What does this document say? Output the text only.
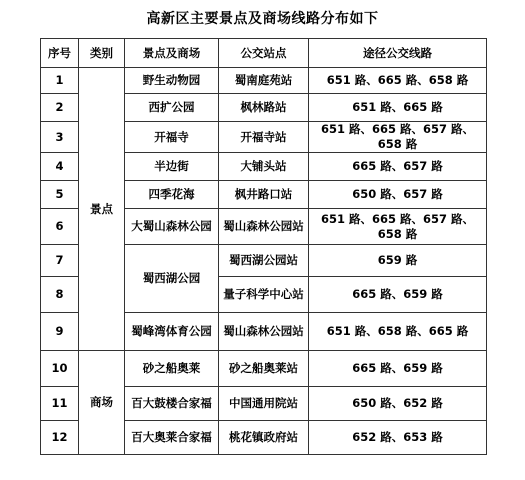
高新区主要景点及商场线路分布如下
序号	类别	景点及商场	公交站点	途径公交线路
1	景点	野生动物园	蜀南庭苑站	651 路、665 路、658 路
2		西扩公园	枫林路站	651 路、665 路
3		开福寺	开福寺站	651 路、665 路、657 路、658 路
4		半边街	大铺头站	665 路、657 路
5		四季花海	枫井路口站	650 路、657 路
6		大蜀山森林公园	蜀山森林公园站	651 路、665 路、657 路、658 路
7		蜀西湖公园	蜀西湖公园站	659 路
8			量子科学中心站	665 路、659 路
9		蜀峰湾体育公园	蜀山森林公园站	651 路、658 路、665 路
10	商场	砂之船奥莱	砂之船奥莱站	665 路、659 路
11		百大鼓楼合家福	中国通用院站	650 路、652 路
12		百大奥莱合家福	桃花镇政府站	652 路、653 路
